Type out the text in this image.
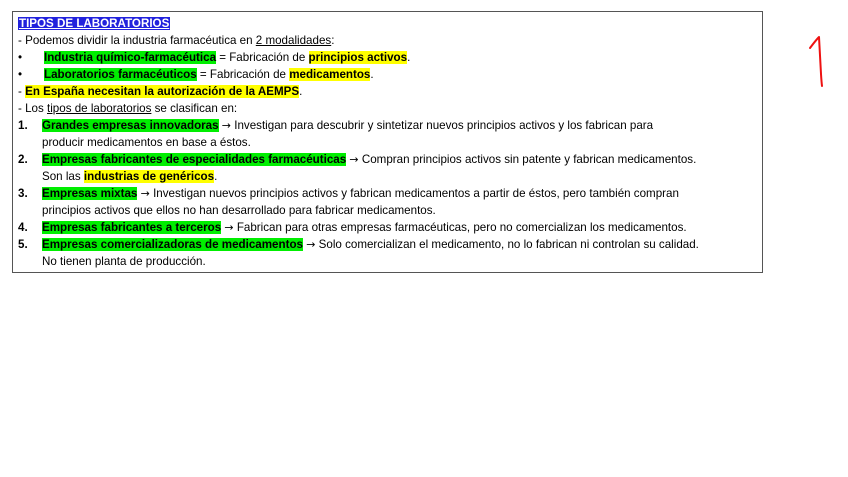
TIPOS DE LABORATORIOS
- Podemos dividir la industria farmacéutica en 2 modalidades:
• Industria químico-farmacéutica = Fabricación de principios activos.
• Laboratorios farmacéuticos = Fabricación de medicamentos.
- En España necesitan la autorización de la AEMPS.
- Los tipos de laboratorios se clasifican en:
1. Grandes empresas innovadoras → Investigan para descubrir y sintetizar nuevos principios activos y los fabrican para
producir medicamentos en base a éstos.
2. Empresas fabricantes de especialidades farmacéuticas → Compran principios activos sin patente y fabrican medicamentos.
Son las industrias de genéricos.
3. Empresas mixtas → Investigan nuevos principios activos y fabrican medicamentos a partir de éstos, pero también compran
principios activos que ellos no han desarrollado para fabricar medicamentos.
4. Empresas fabricantes a terceros → Fabrican para otras empresas farmacéuticas, pero no comercializan los medicamentos.
5. Empresas comercializadoras de medicamentos → Solo comercializan el medicamento, no lo fabrican ni controlan su calidad.
No tienen planta de producción.
